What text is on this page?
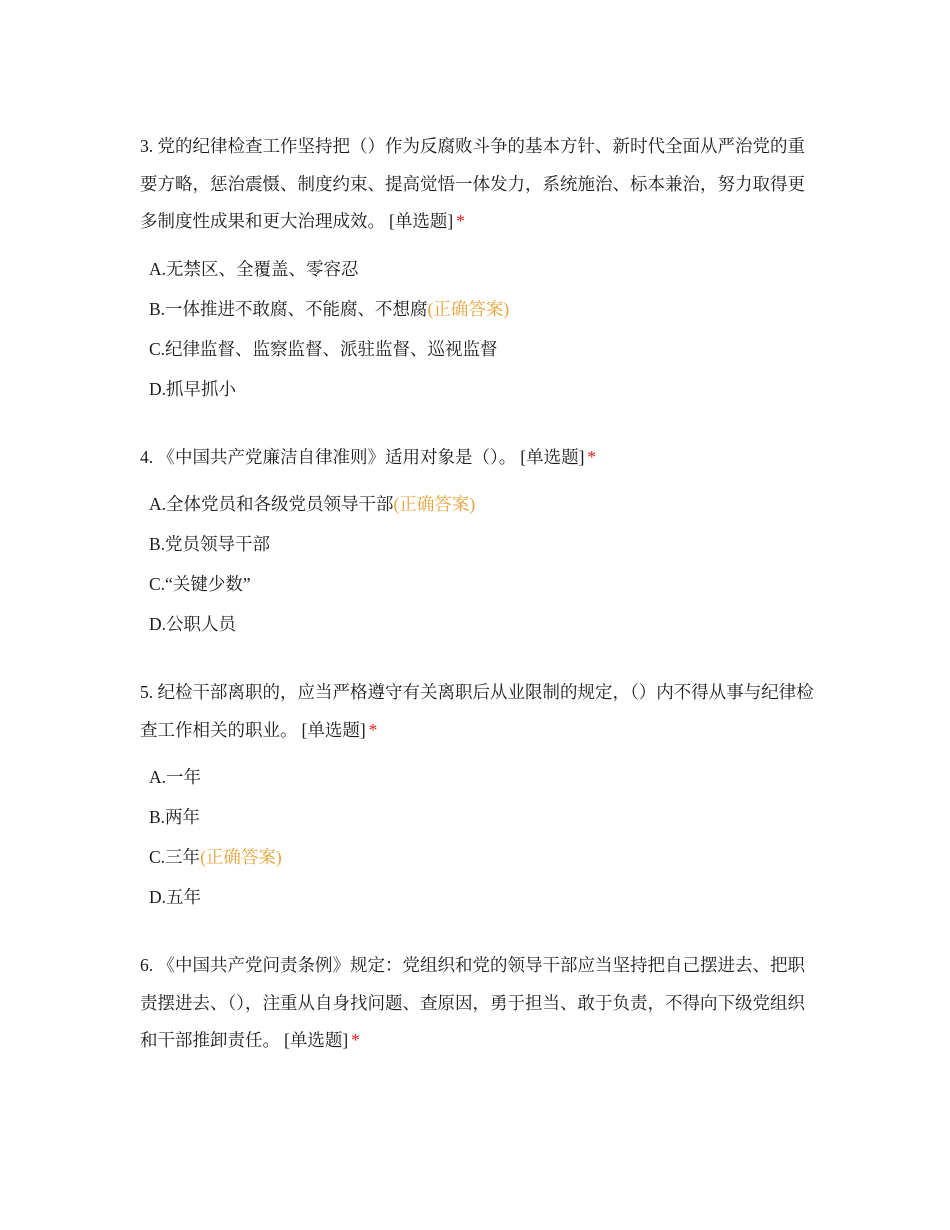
3. 党的纪律检查工作坚持把（）作为反腐败斗争的基本方针、新时代全面从严治党的重要方略，惩治震慑、制度约束、提高觉悟一体发力，系统施治、标本兼治，努力取得更多制度性成果和更大治理成效。 [单选题] *

A.无禁区、全覆盖、零容忍
B.一体推进不敢腐、不能腐、不想腐(正确答案)
C.纪律监督、监察监督、派驻监督、巡视监督
D.抓早抓小

4. 《中国共产党廉洁自律准则》适用对象是（）。 [单选题] *

A.全体党员和各级党员领导干部(正确答案)
B.党员领导干部
C.“关键少数”
D.公职人员

5. 纪检干部离职的，应当严格遵守有关离职后从业限制的规定，（）内不得从事与纪律检查工作相关的职业。 [单选题] *

A.一年
B.两年
C.三年(正确答案)
D.五年

6. 《中国共产党问责条例》规定：党组织和党的领导干部应当坚持把自己摆进去、把职责摆进去、（），注重从自身找问题、查原因，勇于担当、敢于负责，不得向下级党组织和干部推卸责任。 [单选题] *
